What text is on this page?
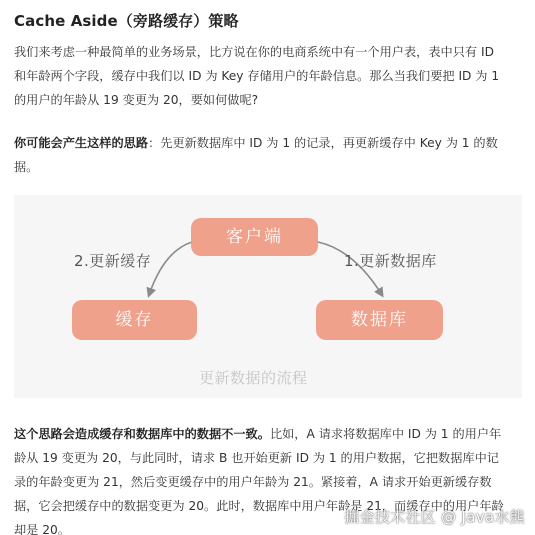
Cache Aside（旁路缓存）策略
我们来考虑一种最简单的业务场景，比方说在你的电商系统中有一个用户表，表中只有 ID
和年龄两个字段，缓存中我们以 ID 为 Key 存储用户的年龄信息。那么当我们要把 ID 为 1
的用户的年龄从 19 变更为 20，要如何做呢?
你可能会产生这样的思路：先更新数据库中 ID 为 1 的记录，再更新缓存中 Key 为 1 的数
据。
客户端
缓存	数据库
2.更新缓存	1.更新数据库
更新数据的流程
这个思路会造成缓存和数据库中的数据不一致。比如，A 请求将数据库中 ID 为 1 的用户年
龄从 19 变更为 20，与此同时，请求 B 也开始更新 ID 为 1 的用户数据，它把数据库中记
录的年龄变更为 21，然后变更缓存中的用户年龄为 21。紧接着，A 请求开始更新缓存数
据，它会把缓存中的数据变更为 20。此时，数据库中用户年龄是 21，而缓存中的用户年龄
却是 20。
掘金技术社区 @ Java水熊
